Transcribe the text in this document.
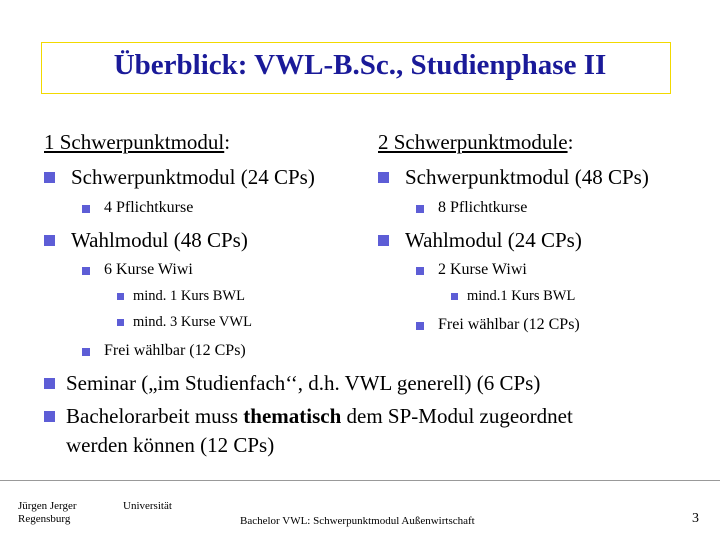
Überblick: VWL-B.Sc., Studienphase II
1 Schwerpunktmodul:
Schwerpunktmodul (24 CPs)
4 Pflichtkurse
Wahlmodul (48 CPs)
6 Kurse Wiwi
mind. 1 Kurs BWL
mind. 3 Kurse VWL
Frei wählbar (12 CPs)
2 Schwerpunktmodule:
Schwerpunktmodul (48 CPs)
8 Pflichtkurse
Wahlmodul (24 CPs)
2 Kurse Wiwi
mind.1 Kurs BWL
Frei wählbar (12 CPs)
Seminar („im Studienfach‘‘, d.h. VWL generell) (6 CPs)
Bachelorarbeit muss thematisch dem SP-Modul zugeordnet
werden können (12 CPs)
Jürgen Jerger
Regensburg
Universität
Bachelor VWL: Schwerpunktmodul Außenwirtschaft	3
